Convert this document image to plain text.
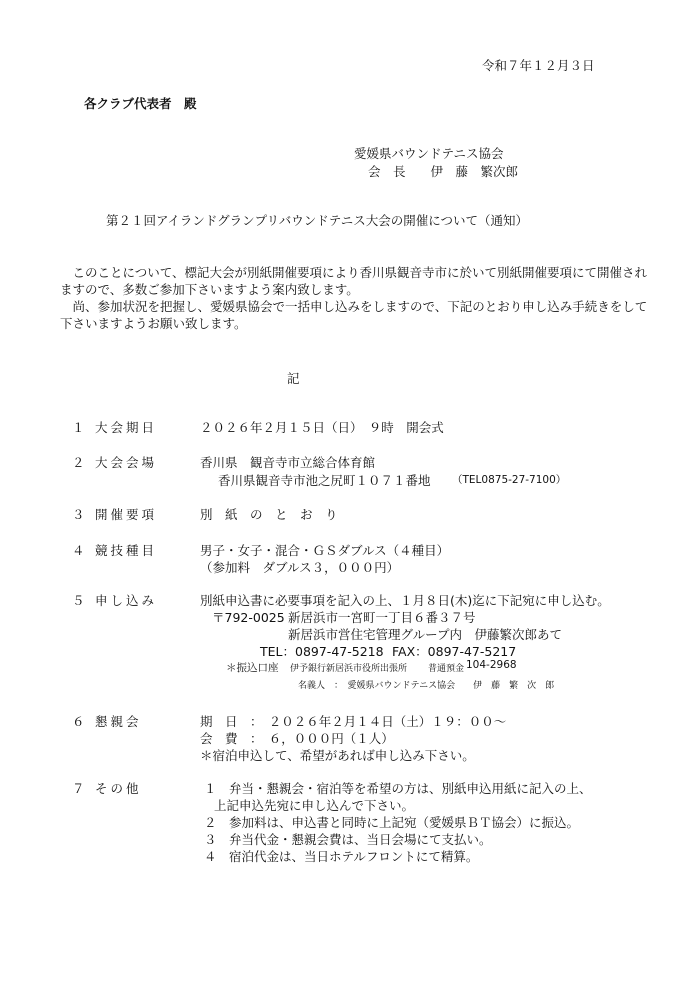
令和７年１２月３日
各クラブ代表者　殿
愛媛県バウンドテニス協会
会　長　　伊　藤　繁次郎
第２１回アイランドグランプリバウンドテニス大会の開催について（通知）
　このことについて、標記大会が別紙開催要項により香川県観音寺市に於いて別紙開催要項にて開催されますので、多数ご参加下さいますよう案内致します。
　尚、参加状況を把握し、愛媛県協会で一括申し込みをしますので、下記のとおり申し込み手続きをして下さいますようお願い致します。
記
１ 大会期日	２０２６年２月１５日（日）　９時　開会式
２ 大会会場	香川県　観音寺市立総合体育館
香川県観音寺市池之尻町１０７１番地 （TEL0875-27-7100）
３ 開催要項	別　紙　の　と　お　り
４ 競技種目	男子・女子・混合・ＧＳダブルス（４種目）
（参加料　ダブルス３，０００円）
５ 申し込み	別紙申込書に必要事項を記入の上、１月８日(木)迄に下記宛に申し込む。
〒792-0025 新居浜市一宮町一丁目６番３７号
新居浜市営住宅管理グループ内　伊藤繁次郎あて
TEL：0897-47-5218 FAX：0897-47-5217
＊振込口座 伊予銀行新居浜市役所出張所 普通預金 104-2968
名義人　：　愛媛県バウンドテニス協会　　伊　藤　繁　次　郎
６ 懇親会	期　日　：　２０２６年２月１４日（土）１９：００～
会　費　：　６，０００円（１人）
＊宿泊申込して、希望があれば申し込み下さい。
７ その他	１　弁当・懇親会・宿泊等を希望の方は、別紙申込用紙に記入の上、
上記申込先宛に申し込んで下さい。
２　参加料は、申込書と同時に上記宛（愛媛県ＢＴ協会）に振込。
３　弁当代金・懇親会費は、当日会場にて支払い。
４　宿泊代金は、当日ホテルフロントにて精算。
